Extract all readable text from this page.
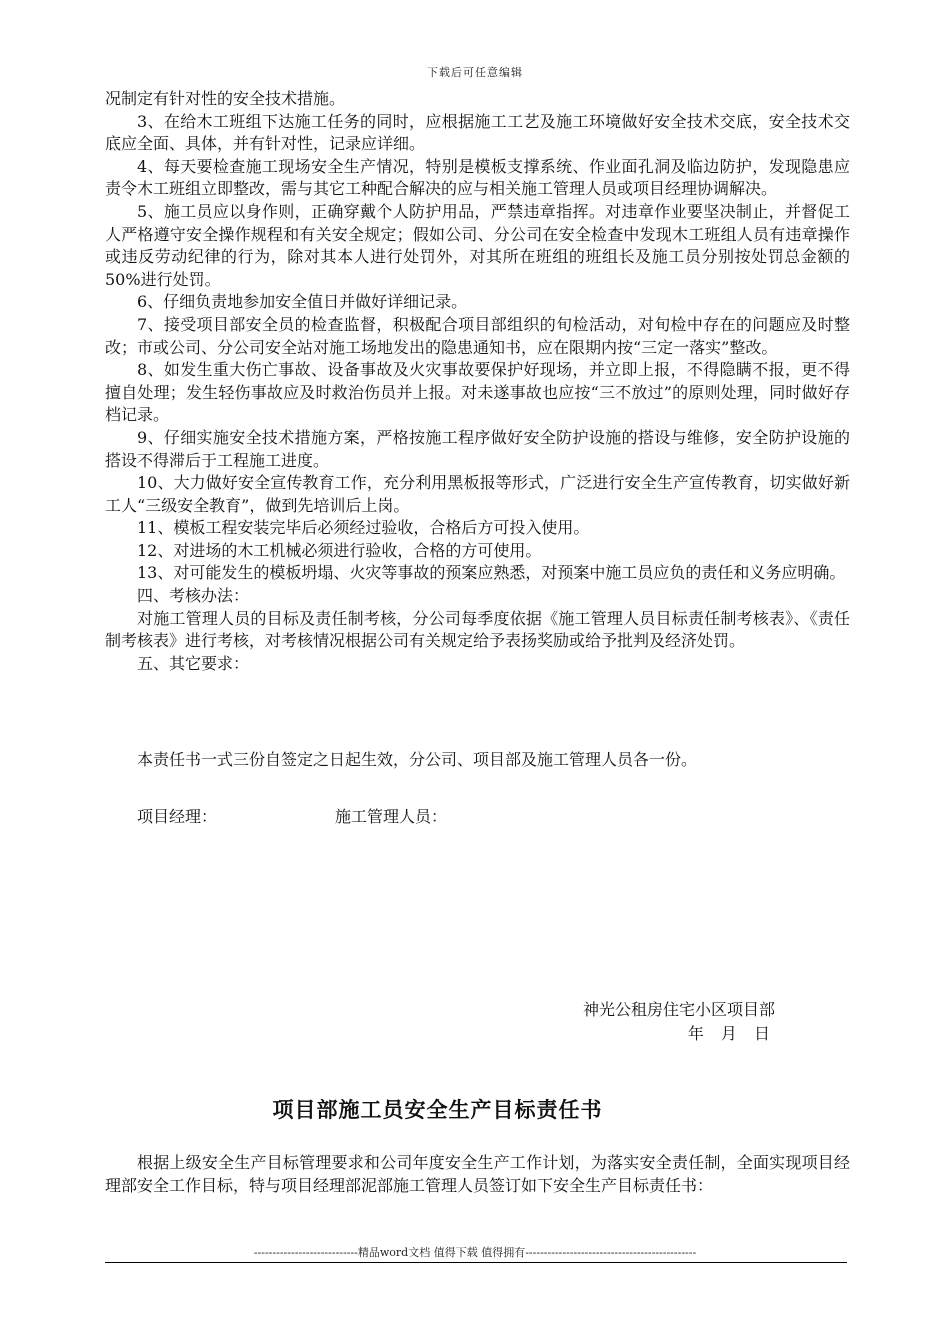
下载后可任意编辑

况制定有针对性的安全技术措施。

3、在给木工班组下达施工任务的同时，应根据施工工艺及施工环境做好安全技术交底，安全技术交底应全面、具体，并有针对性，记录应详细。

4、每天要检查施工现场安全生产情况，特别是模板支撑系统、作业面孔洞及临边防护，发现隐患应责令木工班组立即整改，需与其它工种配合解决的应与相关施工管理人员或项目经理协调解决。

5、施工员应以身作则，正确穿戴个人防护用品，严禁违章指挥。对违章作业要坚决制止，并督促工人严格遵守安全操作规程和有关安全规定；假如公司、分公司在安全检查中发现木工班组人员有违章操作或违反劳动纪律的行为，除对其本人进行处罚外，对其所在班组的班组长及施工员分别按处罚总金额的50%进行处罚。

6、仔细负责地参加安全值日并做好详细记录。

7、接受项目部安全员的检查监督，积极配合项目部组织的旬检活动，对旬检中存在的问题应及时整改；市或公司、分公司安全站对施工场地发出的隐患通知书，应在限期内按“三定一落实”整改。

8、如发生重大伤亡事故、设备事故及火灾事故要保护好现场，并立即上报，不得隐瞒不报，更不得擅自处理；发生轻伤事故应及时救治伤员并上报。对未遂事故也应按“三不放过”的原则处理，同时做好存档记录。

9、仔细实施安全技术措施方案，严格按施工程序做好安全防护设施的搭设与维修，安全防护设施的搭设不得滞后于工程施工进度。

10、大力做好安全宣传教育工作，充分利用黑板报等形式，广泛进行安全生产宣传教育，切实做好新工人“三级安全教育”，做到先培训后上岗。

11、模板工程安装完毕后必须经过验收，合格后方可投入使用。

12、对进场的木工机械必须进行验收，合格的方可使用。

13、对可能发生的模板坍塌、火灾等事故的预案应熟悉，对预案中施工员应负的责任和义务应明确。

四、考核办法：

对施工管理人员的目标及责任制考核，分公司每季度依据《施工管理人员目标责任制考核表》、《责任制考核表》进行考核，对考核情况根据公司有关规定给予表扬奖励或给予批判及经济处罚。

五、其它要求：

本责任书一式三份自签定之日起生效，分公司、项目部及施工管理人员各一份。

项目经理：	施工管理人员：
神光公租房住宅小区项目部
年 月 日
项目部施工员安全生产目标责任书

根据上级安全生产目标管理要求和公司年度安全生产工作计划，为落实安全责任制，全面实现项目经理部安全工作目标，特与项目经理部泥部施工管理人员签订如下安全生产目标责任书：

----------------------------精品word文档 值得下载 值得拥有----------------------------------------------
